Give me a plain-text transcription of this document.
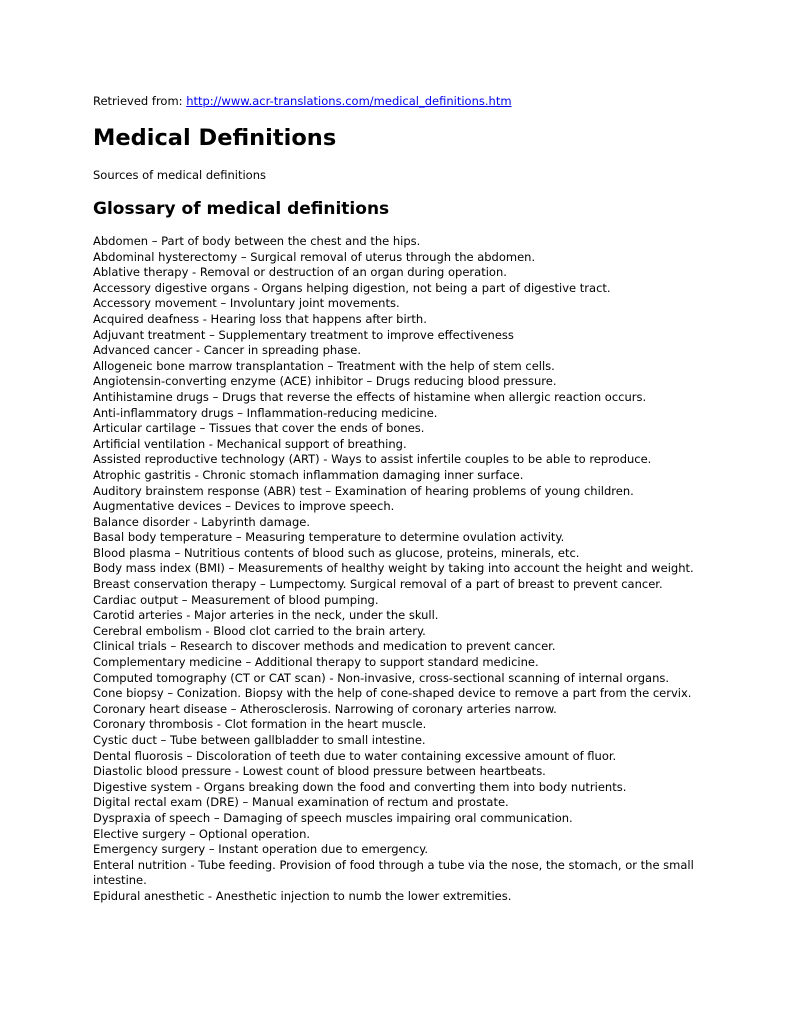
Retrieved from: http://www.acr-translations.com/medical_definitions.htm

Medical Definitions

Sources of medical definitions

Glossary of medical definitions
Abdomen – Part of body between the chest and the hips.
Abdominal hysterectomy – Surgical removal of uterus through the abdomen.
Ablative therapy - Removal or destruction of an organ during operation.
Accessory digestive organs - Organs helping digestion, not being a part of digestive tract.
Accessory movement – Involuntary joint movements.
Acquired deafness - Hearing loss that happens after birth.
Adjuvant treatment – Supplementary treatment to improve effectiveness
Advanced cancer - Cancer in spreading phase.
Allogeneic bone marrow transplantation – Treatment with the help of stem cells.
Angiotensin-converting enzyme (ACE) inhibitor – Drugs reducing blood pressure.
Antihistamine drugs – Drugs that reverse the effects of histamine when allergic reaction occurs.
Anti-inflammatory drugs – Inflammation-reducing medicine.
Articular cartilage – Tissues that cover the ends of bones.
Artificial ventilation - Mechanical support of breathing.
Assisted reproductive technology (ART) - Ways to assist infertile couples to be able to reproduce.
Atrophic gastritis - Chronic stomach inflammation damaging inner surface.
Auditory brainstem response (ABR) test – Examination of hearing problems of young children.
Augmentative devices – Devices to improve speech.
Balance disorder - Labyrinth damage.
Basal body temperature – Measuring temperature to determine ovulation activity.
Blood plasma – Nutritious contents of blood such as glucose, proteins, minerals, etc.
Body mass index (BMI) – Measurements of healthy weight by taking into account the height and weight.
Breast conservation therapy – Lumpectomy. Surgical removal of a part of breast to prevent cancer.
Cardiac output – Measurement of blood pumping.
Carotid arteries - Major arteries in the neck, under the skull.
Cerebral embolism - Blood clot carried to the brain artery.
Clinical trials – Research to discover methods and medication to prevent cancer.
Complementary medicine – Additional therapy to support standard medicine.
Computed tomography (CT or CAT scan) - Non-invasive, cross-sectional scanning of internal organs.
Cone biopsy – Conization. Biopsy with the help of cone-shaped device to remove a part from the cervix.
Coronary heart disease – Atherosclerosis. Narrowing of coronary arteries narrow.
Coronary thrombosis - Clot formation in the heart muscle.
Cystic duct – Tube between gallbladder to small intestine.
Dental fluorosis – Discoloration of teeth due to water containing excessive amount of fluor.
Diastolic blood pressure - Lowest count of blood pressure between heartbeats.
Digestive system - Organs breaking down the food and converting them into body nutrients.
Digital rectal exam (DRE) – Manual examination of rectum and prostate.
Dyspraxia of speech – Damaging of speech muscles impairing oral communication.
Elective surgery – Optional operation.
Emergency surgery – Instant operation due to emergency.
Enteral nutrition - Tube feeding. Provision of food through a tube via the nose, the stomach, or the small intestine.
Epidural anesthetic - Anesthetic injection to numb the lower extremities.
